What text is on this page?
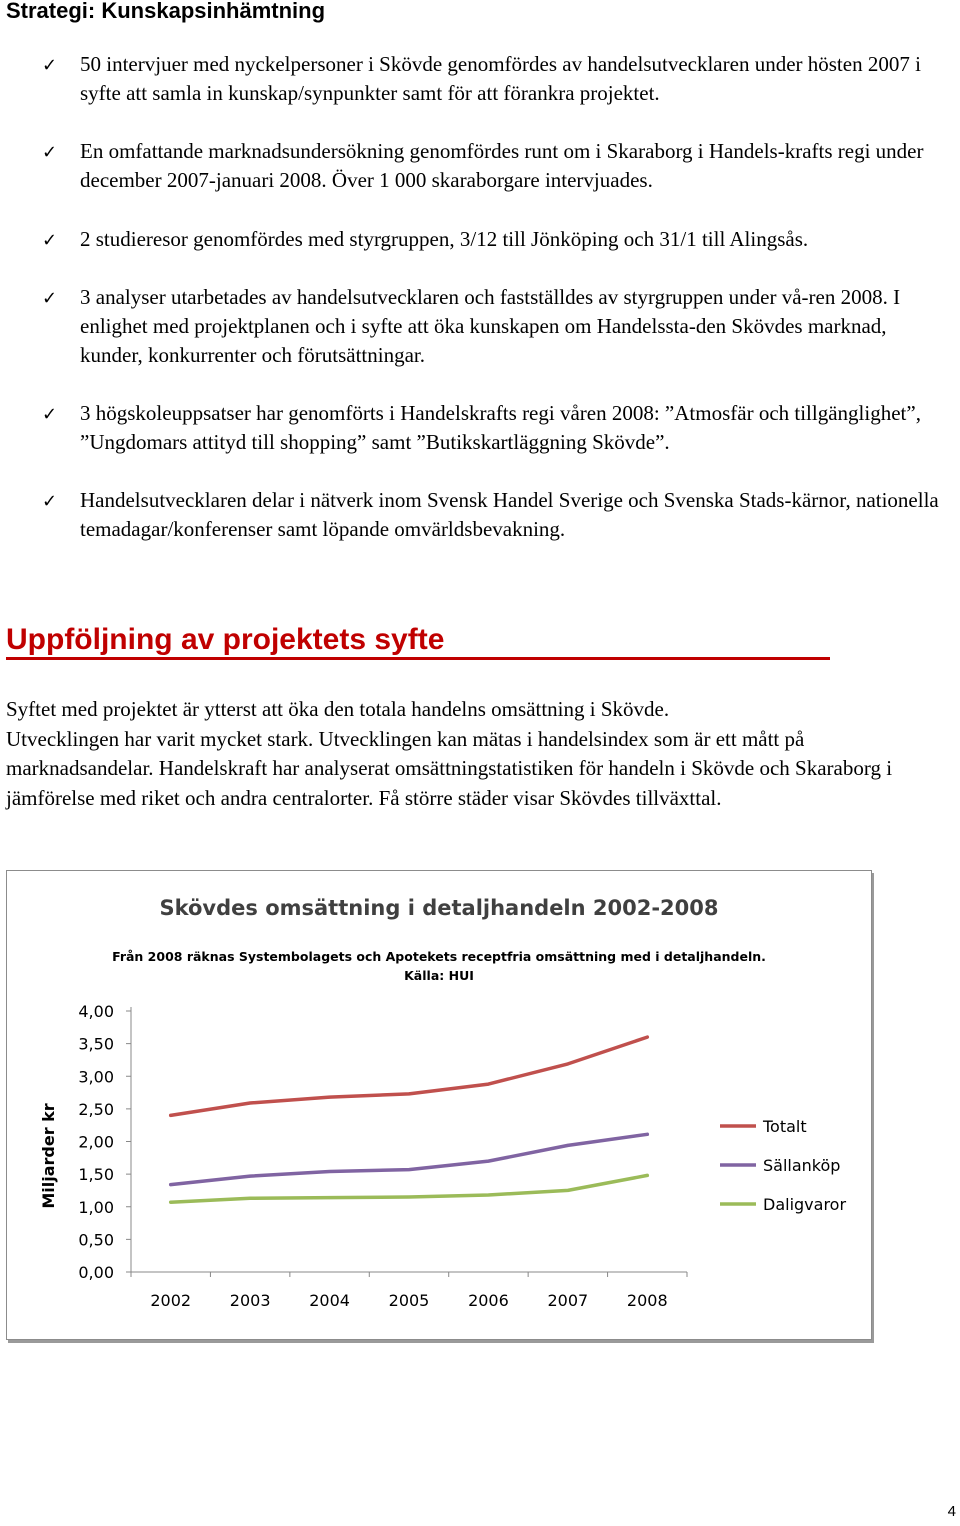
Strategi: Kunskapsinhämtning
✓ 50 intervjuer med nyckelpersoner i Skövde genomfördes av handelsutvecklaren under hösten 2007 i syfte att samla in kunskap/synpunkter samt för att förankra projektet.
✓ En omfattande marknadsundersökning genomfördes runt om i Skaraborg i Handels-krafts regi under december 2007-januari 2008. Över 1 000 skaraborgare intervjuades.
✓ 2 studieresor genomfördes med styrgruppen, 3/12 till Jönköping och 31/1 till Alingsås.
✓ 3 analyser utarbetades av handelsutvecklaren och fastställdes av styrgruppen under vå-ren 2008. I enlighet med projektplanen och i syfte att öka kunskapen om Handelssta-den Skövdes marknad, kunder, konkurrenter och förutsättningar.
✓ 3 högskoleuppsatser har genomförts i Handelskrafts regi våren 2008: ”Atmosfär och tillgänglighet”, ”Ungdomars attityd till shopping” samt ”Butikskartläggning Skövde”.
✓ Handelsutvecklaren delar i nätverk inom Svensk Handel Sverige och Svenska Stads-kärnor, nationella temadagar/konferenser samt löpande omvärldsbevakning.
Uppföljning av projektets syfte

Syftet med projektet är ytterst att öka den totala handelns omsättning i Skövde.

Utvecklingen har varit mycket stark. Utvecklingen kan mätas i handelsindex som är ett mått på marknadsandelar. Handelskraft har analyserat omsättningstatistiken för handeln i Skövde och Skaraborg i jämförelse med riket och andra centralorter. Få större städer visar Skövdes tillväxttal.

Skövdes omsättning i detaljhandeln 2002-2008
Från 2008 räknas Systembolagets och Apotekets receptfria omsättning med i detaljhandeln.
Källa: HUI
Miljarder kr
0,00
0,50
1,00
1,50
2,00
2,50
3,00
3,50
4,00
2002 2003 2004 2005 2006 2007 2008
Totalt
Sällanköp
Daligvaror
4
